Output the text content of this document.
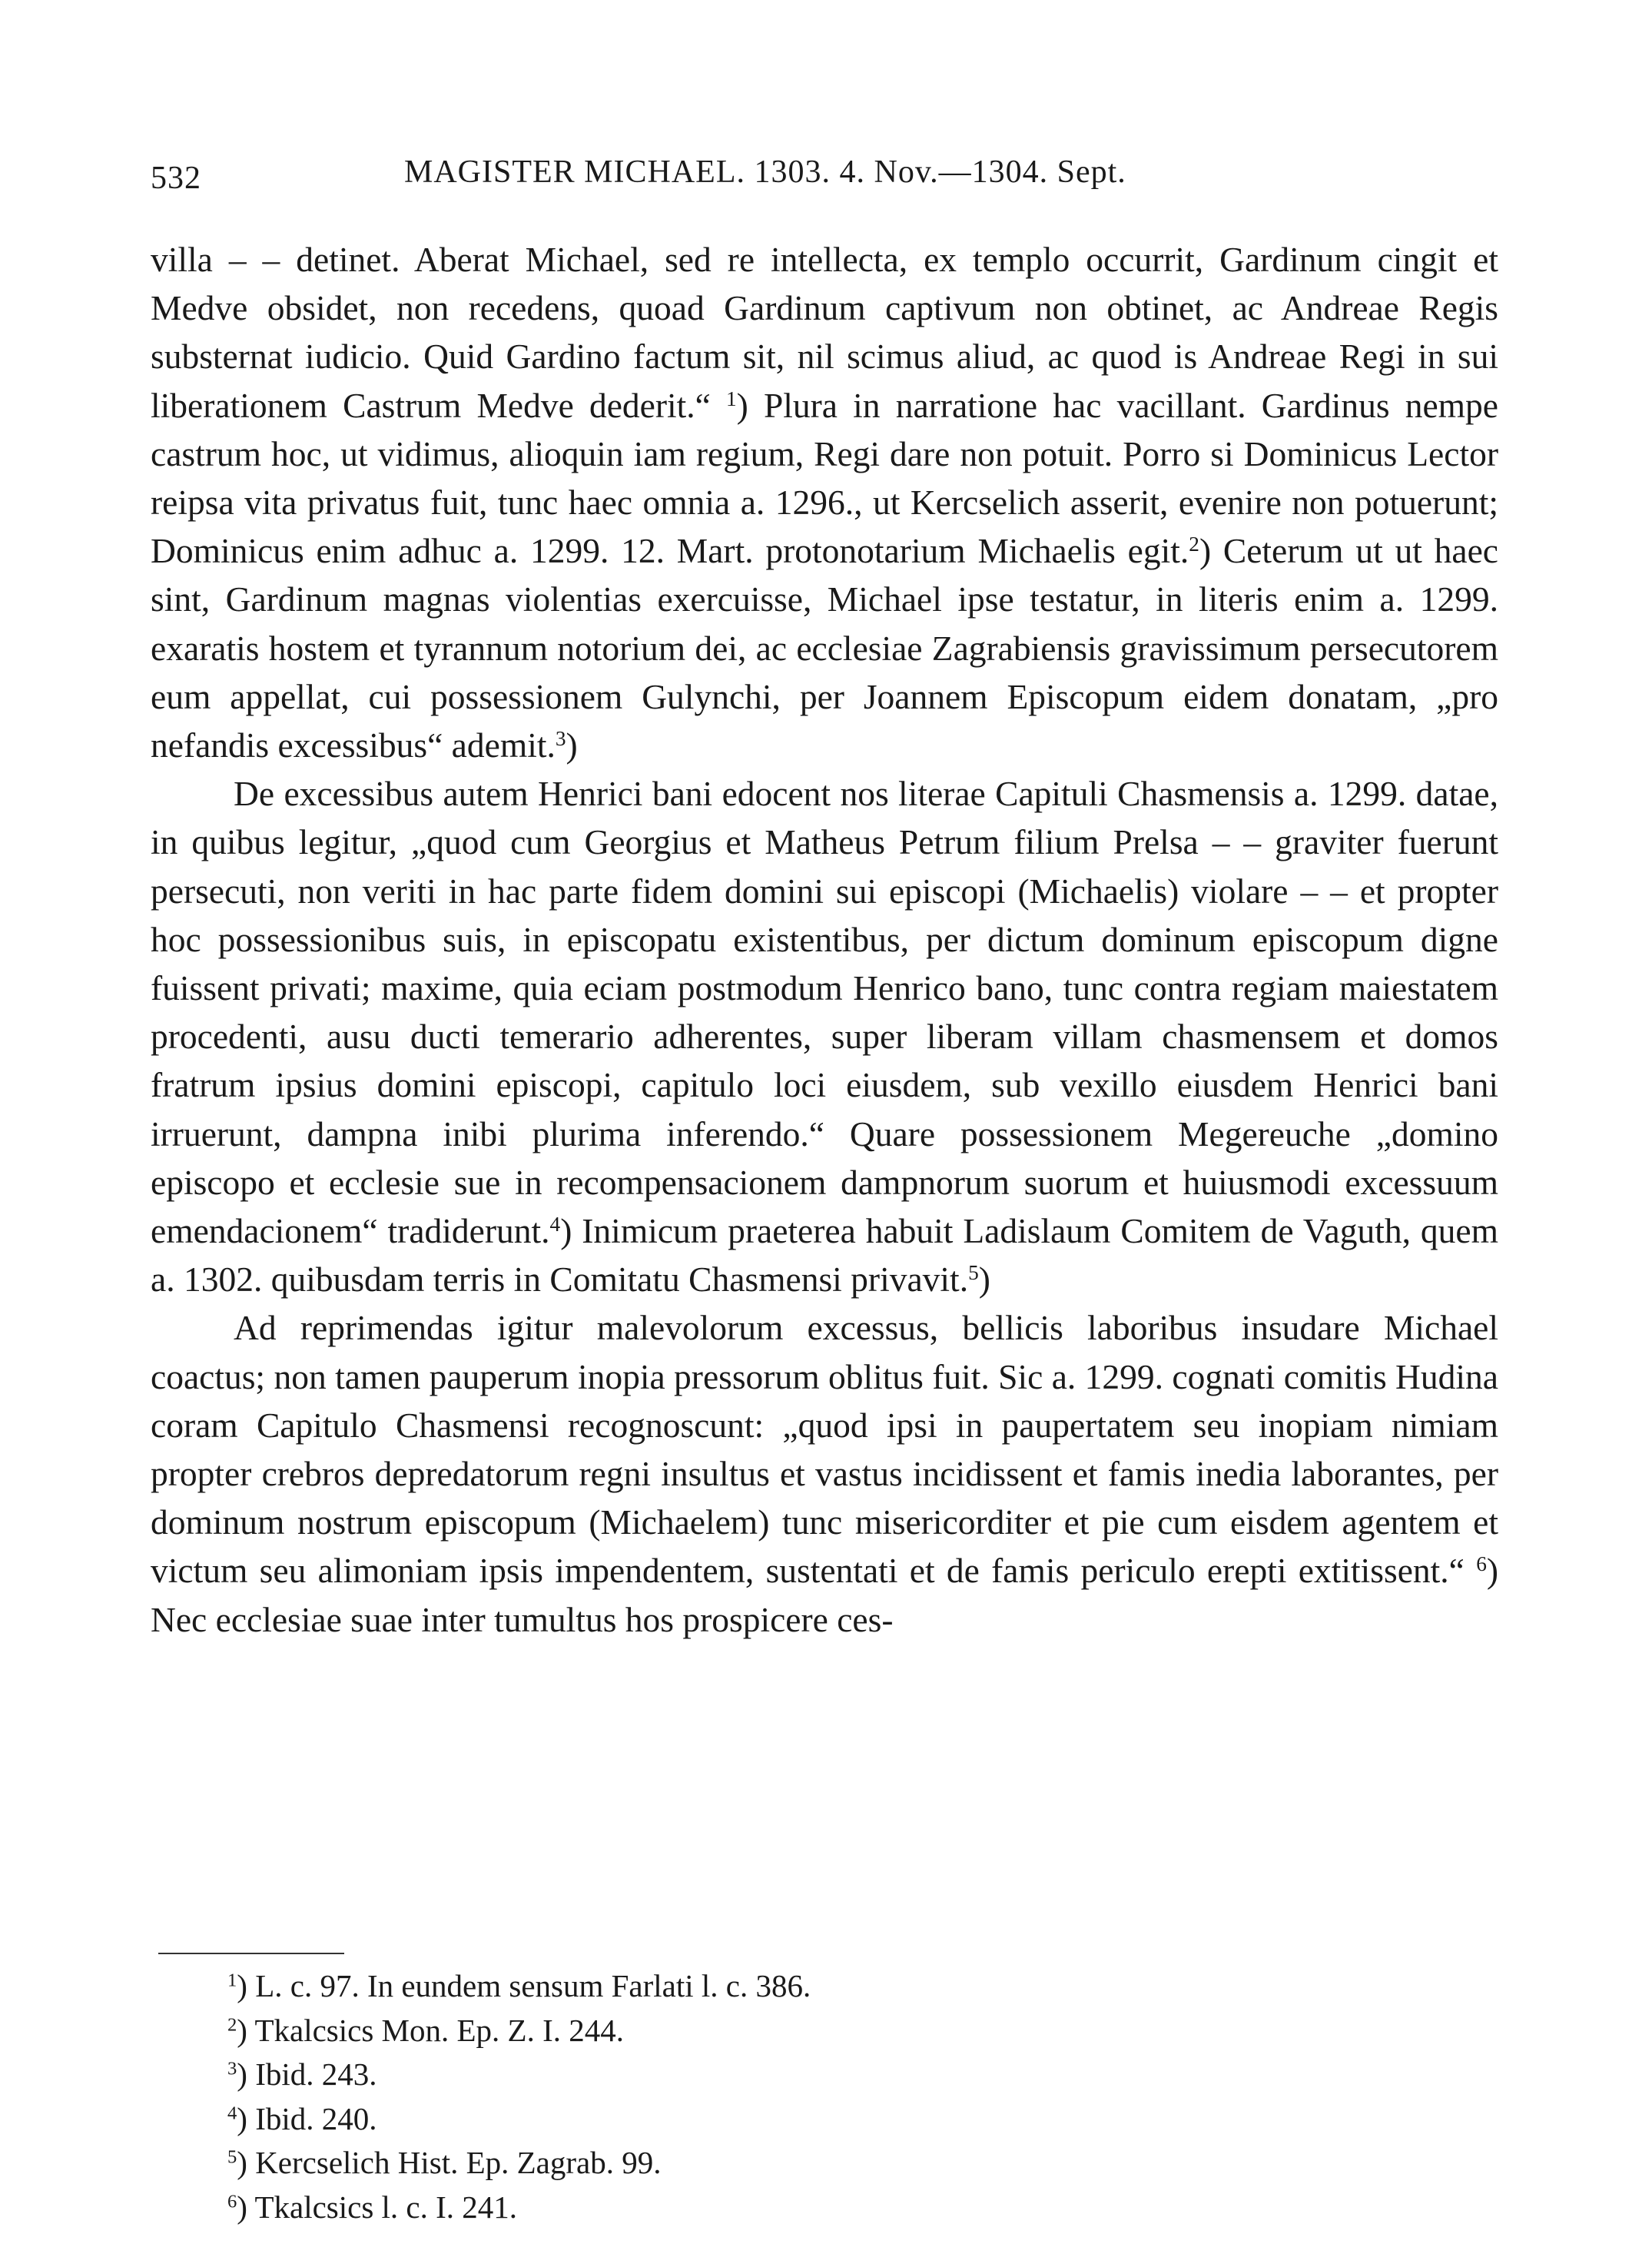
532	MAGISTER MICHAEL. 1303. 4. Nov.—1304. Sept.

villa – – detinet. Aberat Michael, sed re intellecta, ex templo occurrit, Gardinum cingit et Medve obsidet, non recedens, quoad Gardinum captivum non obtinet, ac Andreae Regis substernat iudicio. Quid Gardino factum sit, nil scimus aliud, ac quod is Andreae Regi in sui liberationem Castrum Medve dederit.“ $^1$) Plura in narratione hac vacillant. Gardinus nempe castrum hoc, ut vidimus, alioquin iam regium, Regi dare non potuit. Porro si Dominicus Lector reipsa vita privatus fuit, tunc haec omnia a. 1296., ut Kercselich asserit, evenire non potuerunt; Dominicus enim adhuc a. 1299. 12. Mart. protonotarium Michaelis egit.$^2$) Ceterum ut ut haec sint, Gardinum magnas violentias exercuisse, Michael ipse testatur, in literis enim a. 1299. exaratis hostem et tyrannum notorium dei, ac ecclesiae Zagrabiensis gravissimum persecutorem eum appellat, cui possessionem Gulynchi, per Joannem Episcopum eidem donatam, „pro nefandis excessibus“ ademit.$^3$)

De excessibus autem Henrici bani edocent nos literae Capituli Chasmensis a. 1299. datae, in quibus legitur, „quod cum Georgius et Matheus Petrum filium Prelsa – – graviter fuerunt persecuti, non veriti in hac parte fidem domini sui episcopi (Michaelis) violare – – et propter hoc possessionibus suis, in episcopatu existentibus, per dictum dominum episcopum digne fuissent privati; maxime, quia eciam postmodum Henrico bano, tunc contra regiam maiestatem procedenti, ausu ducti temerario adherentes, super liberam villam chasmensem et domos fratrum ipsius domini episcopi, capitulo loci eiusdem, sub vexillo eiusdem Henrici bani irruerunt, dampna inibi plurima inferendo.“ Quare possessionem Megereuche „domino episcopo et ecclesie sue in recompensacionem dampnorum suorum et huiusmodi excessuum emendacionem“ tradiderunt.$^4$) Inimicum praeterea habuit Ladislaum Comitem de Vaguth, quem a. 1302. quibusdam terris in Comitatu Chasmensi privavit.$^5$)

Ad reprimendas igitur malevolorum excessus, bellicis laboribus insudare Michael coactus; non tamen pauperum inopia pressorum oblitus fuit. Sic a. 1299. cognati comitis Hudina coram Capitulo Chasmensi recognoscunt: „quod ipsi in paupertatem seu inopiam nimiam propter crebros depredatorum regni insultus et vastus incidissent et famis inedia laborantes, per dominum nostrum episcopum (Michaelem) tunc misericorditer et pie cum eisdem agentem et victum seu alimoniam ipsis impendentem, sustentati et de famis periculo erepti extitissent.“ $^6$) Nec ecclesiae suae inter tumultus hos prospicere ces-

$^1$) L. c. 97. In eundem sensum Farlati l. c. 386.
$^2$) Tkalcsics Mon. Ep. Z. I. 244.
$^3$) Ibid. 243.
$^4$) Ibid. 240.
$^5$) Kercselich Hist. Ep. Zagrab. 99.
$^6$) Tkalcsics l. c. I. 241.
